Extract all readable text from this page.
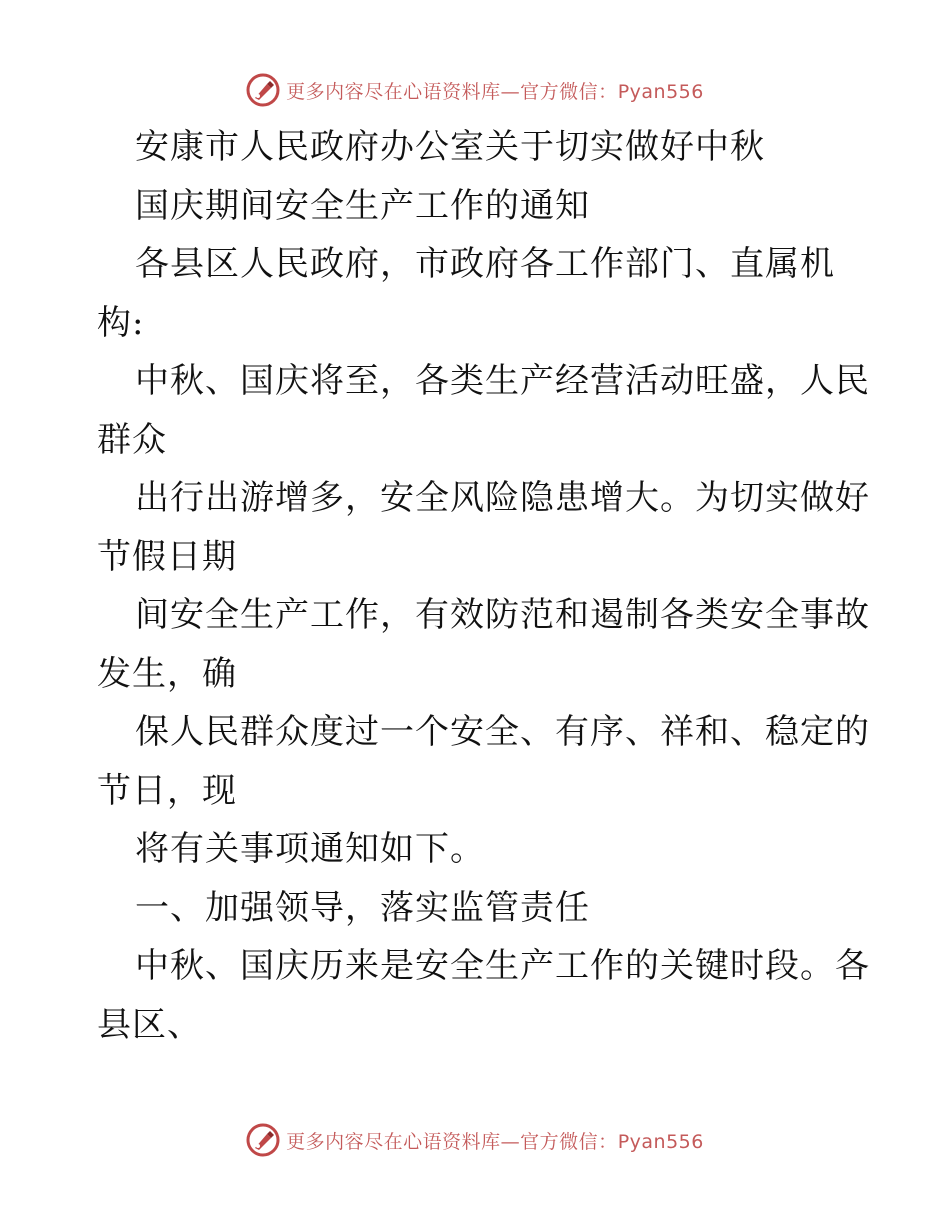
更多内容尽在心语资料库—官方微信：Pyan556
安康市人民政府办公室关于切实做好中秋
国庆期间安全生产工作的通知
各县区人民政府，市政府各工作部门、直属机
构:
中秋、国庆将至，各类生产经营活动旺盛，人民
群众
出行出游增多，安全风险隐患增大。为切实做好
节假日期
间安全生产工作，有效防范和遏制各类安全事故
发生，确
保人民群众度过一个安全、有序、祥和、稳定的
节日，现
将有关事项通知如下。
一、加强领导，落实监管责任
中秋、国庆历来是安全生产工作的关键时段。各
县区、
更多内容尽在心语资料库—官方微信：Pyan556
